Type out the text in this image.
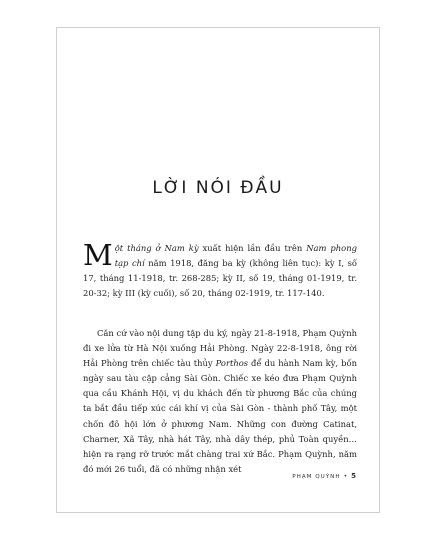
LỜI NÓI ĐẦU
Một tháng ở Nam kỳ xuất hiện lần đầu trên Nam phong tạp chí năm 1918, đăng ba kỳ (không liên tục): kỳ I, số 17, tháng 11-1918, tr. 268-285; kỳ II, số 19, tháng 01-1919, tr. 20-32; kỳ III (kỳ cuối), số 20, tháng 02-1919, tr. 117-140.

Căn cứ vào nội dung tập du ký, ngày 21-8-1918, Phạm Quỳnh đi xe lửa từ Hà Nội xuống Hải Phòng. Ngày 22-8-1918, ông rời Hải Phòng trên chiếc tàu thủy Porthos để du hành Nam kỳ, bốn ngày sau tàu cập cảng Sài Gòn. Chiếc xe kéo đưa Phạm Quỳnh qua cầu Khánh Hội, vị du khách đến từ phương Bắc của chúng ta bắt đầu tiếp xúc cái khí vị của Sài Gòn - thành phố Tây, một chốn đô hội lớn ở phương Nam. Những con đường Catinat, Charner, Xã Tây, nhà hát Tây, nhà dây thép, phủ Toàn quyền… hiện ra rạng rỡ trước mắt chàng trai xứ Bắc. Phạm Quỳnh, năm đó mới 26 tuổi, đã có những nhận xét

PHẠM QUỲNH • 5
